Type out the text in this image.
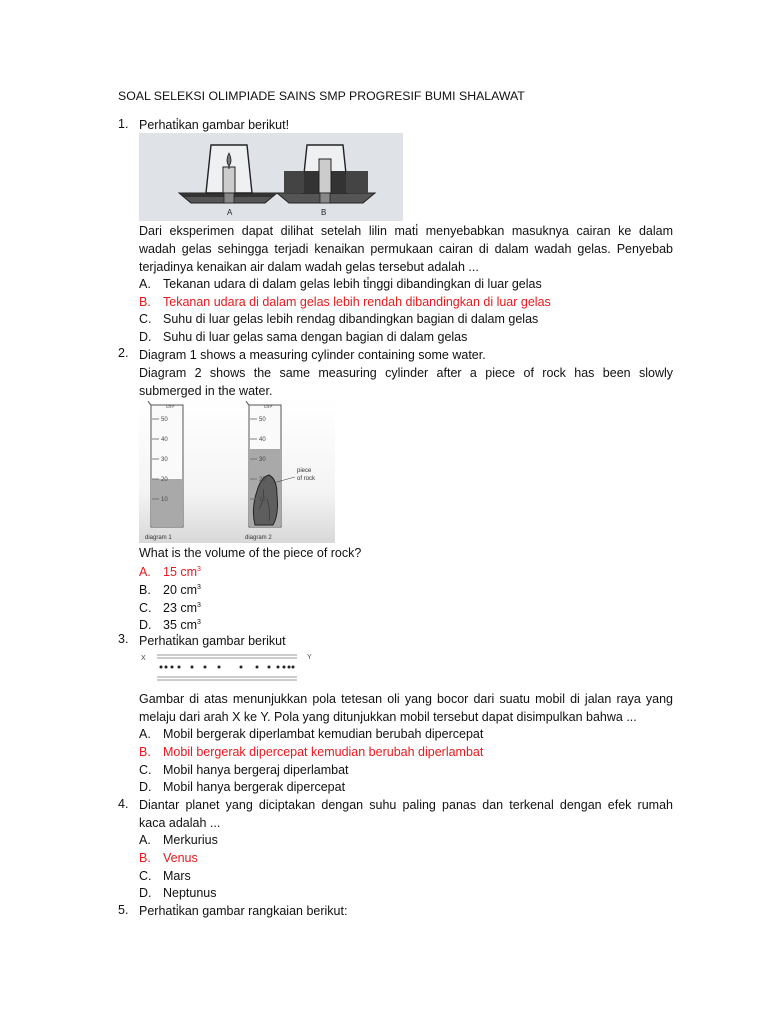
SOAL SELEKSI OLIMPIADE SAINS SMP PROGRESIF BUMI SHALAWAT
1. Perhati̇kan gambar berikut!
A	B
Dari eksperimen dapat dilihat setelah lilin mati̇ menyebabkan masuknya cairan ke dalam
wadah gelas sehingga terjadi kenaikan permukaan cairan di dalam wadah gelas. Penyebab
terjadinya kenaikan air dalam wadah gelas tersebut adalah ...
A. Tekanan udara di dalam gelas lebih ti̇nggi dibandingkan di luar gelas
B. Tekanan udara di dalam gelas lebih rendah dibandingkan di luar gelas
C. Suhu di luar gelas lebih rendag dibandingkan bagian di dalam gelas
D. Suhu di luar gelas sama dengan bagian di dalam gelas
2. Diagram 1 shows a measuring cylinder containing some water.
Diagram 2 shows the same measuring cylinder after a piece of rock has been slowly
submerged in the water.
cm³
50
40
30
20
10
diagram 1
cm³
50
40
30
20
10
piece
of rock
diagram 2
What is the volume of the piece of rock?
A. 15 $cm^3$
B. 20 $cm^3$
C. 23 $cm^3$
D. 35 $cm^3$
3. Perhati̇kan gambar berikut
X	Y
Gambar di atas menunjukkan pola tetesan oli yang bocor dari suatu mobil di jalan raya yang
melaju dari arah X ke Y. Pola yang ditunjukkan mobil tersebut dapat disimpulkan bahwa ...
A. Mobil bergerak diperlambat kemudian berubah dipercepat
B. Mobil bergerak dipercepat kemudian berubah diperlambat
C. Mobil hanya bergeraj diperlambat
D. Mobil hanya bergerak dipercepat
4. Diantar planet yang diciptakan dengan suhu paling panas dan terkenal dengan efek rumah
kaca adalah ...
A. Merkurius
B. Venus
C. Mars
D. Neptunus
5. Perhati̇kan gambar rangkaian berikut:
